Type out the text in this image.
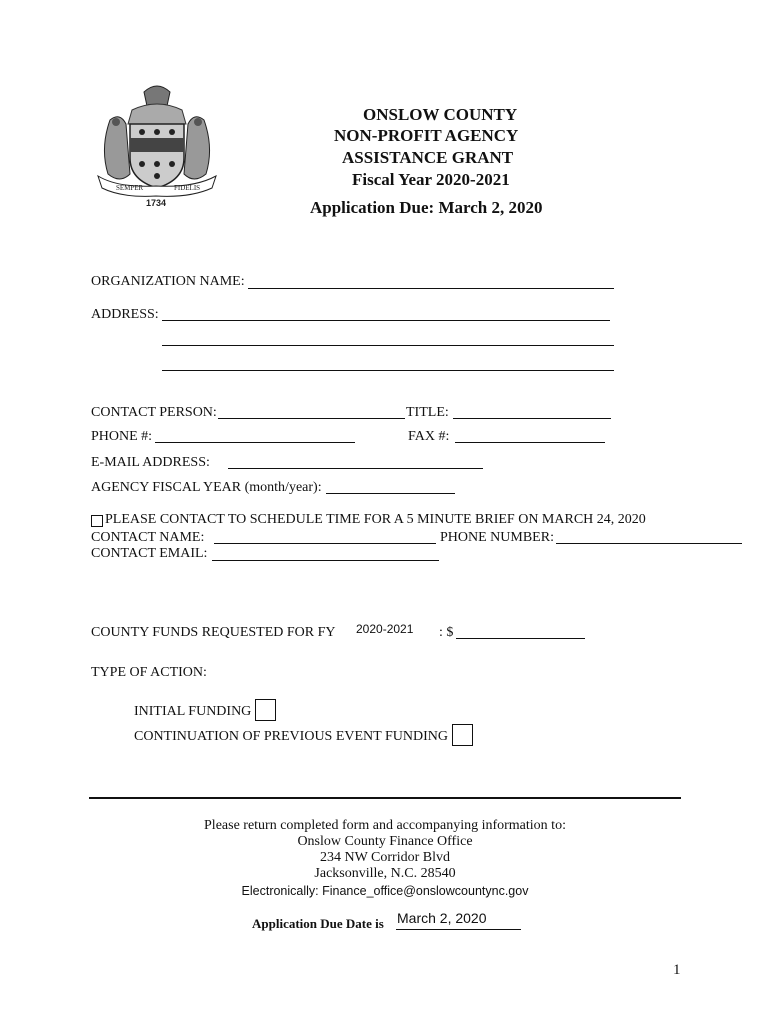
SEMPER	FIDELIS
1734
ONSLOW COUNTY
NON-PROFIT AGENCY
ASSISTANCE GRANT
Fiscal Year 2020-2021
Application Due: March 2, 2020
ORGANIZATION NAME:
ADDRESS:
CONTACT PERSON:	TITLE:
PHONE #:	FAX #:
E-MAIL ADDRESS:
AGENCY FISCAL YEAR (month/year):
PLEASE CONTACT TO SCHEDULE TIME FOR A 5 MINUTE BRIEF ON MARCH 24, 2020
CONTACT NAME:	PHONE NUMBER:
CONTACT EMAIL:
COUNTY FUNDS REQUESTED FOR FY 2020-2021 : $
TYPE OF ACTION:
INITIAL FUNDING
CONTINUATION OF PREVIOUS EVENT FUNDING
Please return completed form and accompanying information to:
Onslow County Finance Office
234 NW Corridor Blvd
Jacksonville, N.C. 28540
Electronically: Finance_office@onslowcountync.gov
Application Due Date is March 2, 2020
1
